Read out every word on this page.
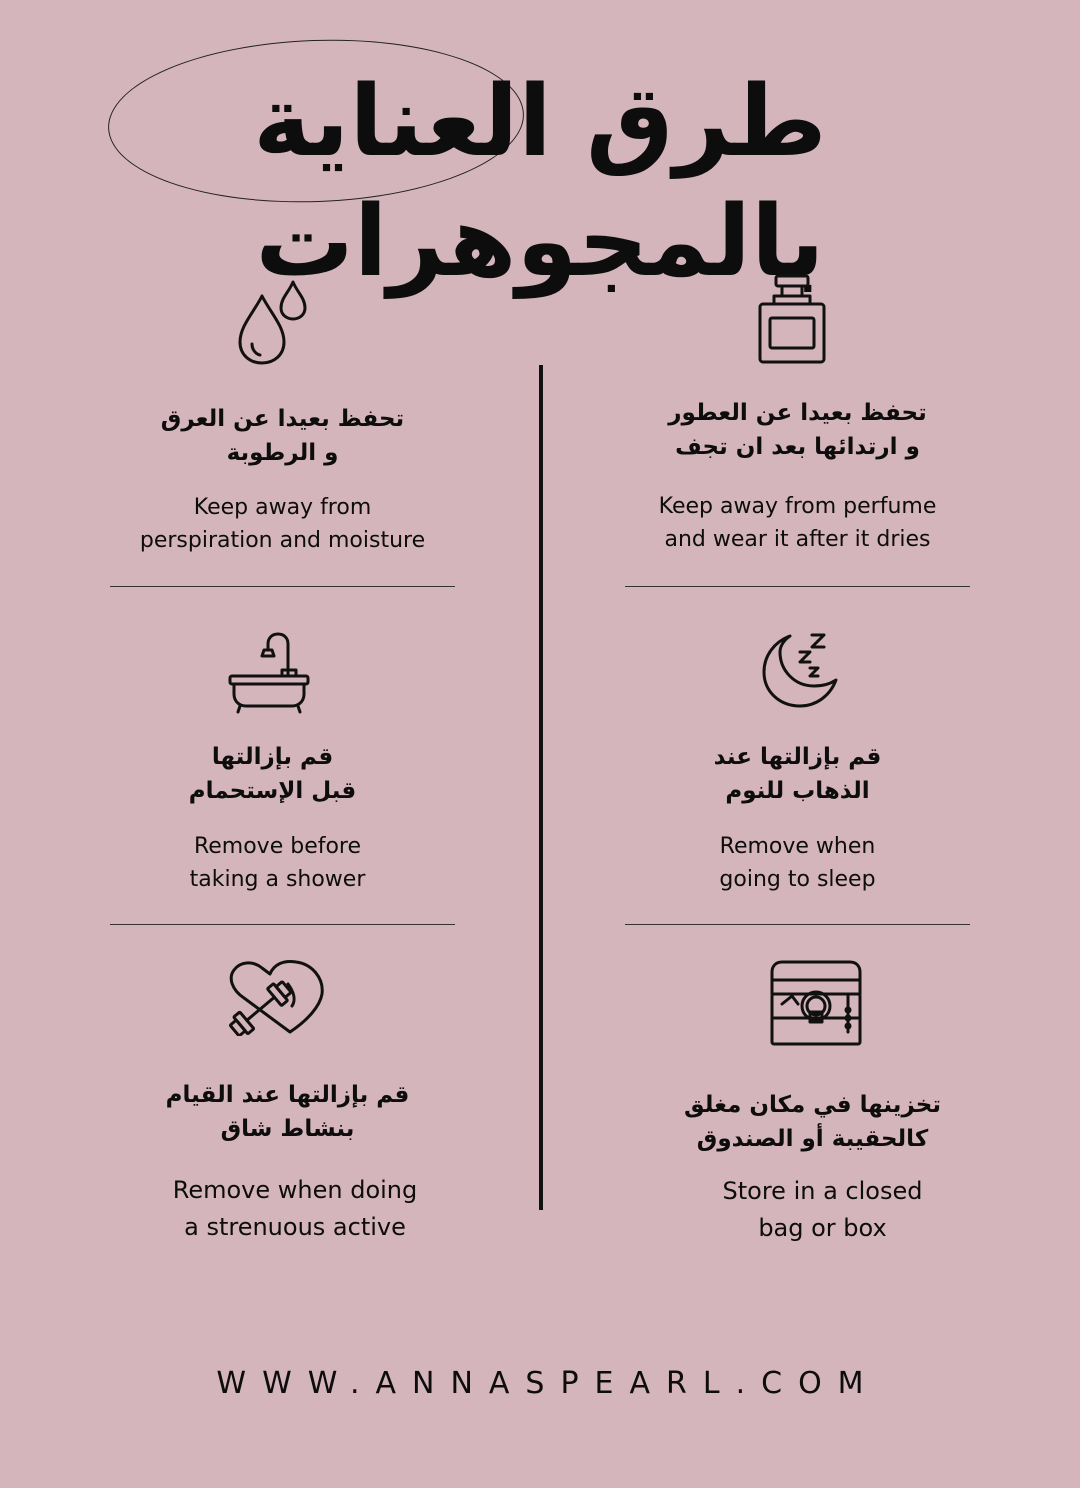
طرق العناية بالمجوهرات
تحفظ بعيدا عن العطور
و ارتدائها بعد ان تجف
Keep away from perfume
and wear it after it dries
تحفظ بعيدا عن العرق
و الرطوبة
Keep away from
perspiration and moisture
قم بإزالتها عند
الذهاب للنوم
Remove when
going to sleep
قم بإزالتها
قبل الإستحمام
Remove before
taking a shower
تخزينها في مكان مغلق
كالحقيبة أو الصندوق
Store in a closed
bag or box
قم بإزالتها عند القيام
بنشاط شاق
Remove when doing
a strenuous active
WWW.ANNASPEARL.COM
